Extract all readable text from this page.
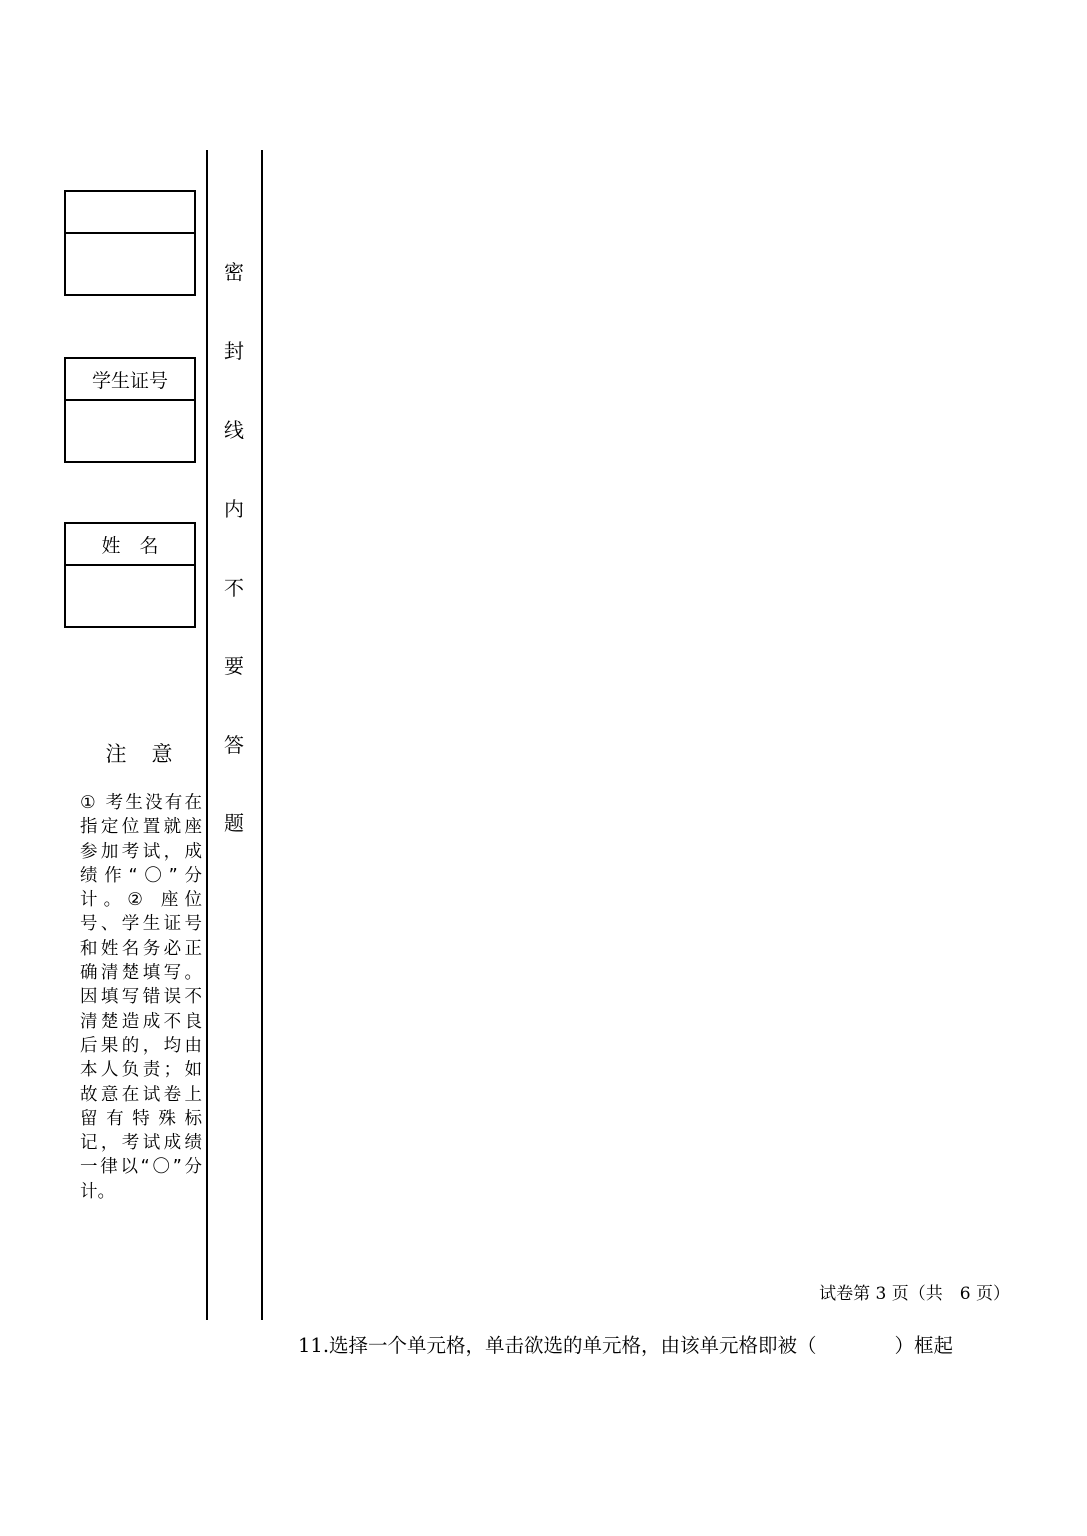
学生证号
姓　名
注　意
① 考生没有在指定位置就座参加考试，成绩作“〇”分计。② 座位号、学生证号和姓名务必正确清楚填写。因填写错误不清楚造成不良后果的，均由本人负责；如故意在试卷上留有特殊标记，考试成绩一律以“〇”分计。
密
封
线
内
不
要
答
题
试卷第 3 页（共　6 页）
11.选择一个单元格，单击欲选的单元格，由该单元格即被（　　　　）框起
